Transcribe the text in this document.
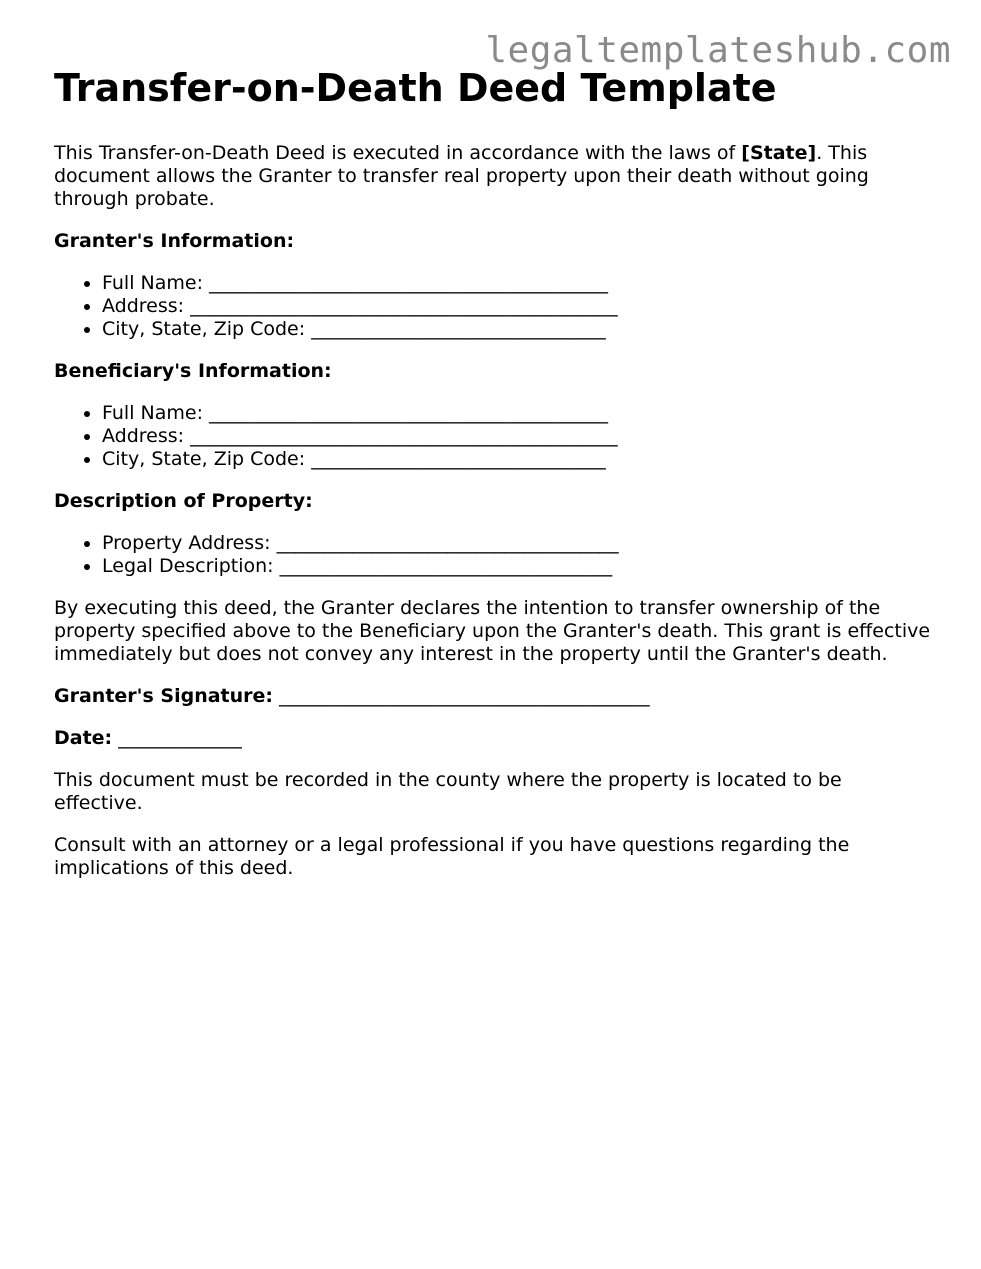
legaltemplateshub.com
Transfer-on-Death Deed Template

This Transfer-on-Death Deed is executed in accordance with the laws of [State]. This document allows the Granter to transfer real property upon their death without going through probate.

Granter's Information:

• Full Name: __________________________________________
• Address: _____________________________________________
• City, State, Zip Code: _______________________________

Beneficiary's Information:

• Full Name: __________________________________________
• Address: _____________________________________________
• City, State, Zip Code: _______________________________

Description of Property:

• Property Address: ____________________________________
• Legal Description: ___________________________________

By executing this deed, the Granter declares the intention to transfer ownership of the property specified above to the Beneficiary upon the Granter's death. This grant is effective immediately but does not convey any interest in the property until the Granter's death.

Granter's Signature: _______________________________________

Date: _____________

This document must be recorded in the county where the property is located to be effective.

Consult with an attorney or a legal professional if you have questions regarding the implications of this deed.
